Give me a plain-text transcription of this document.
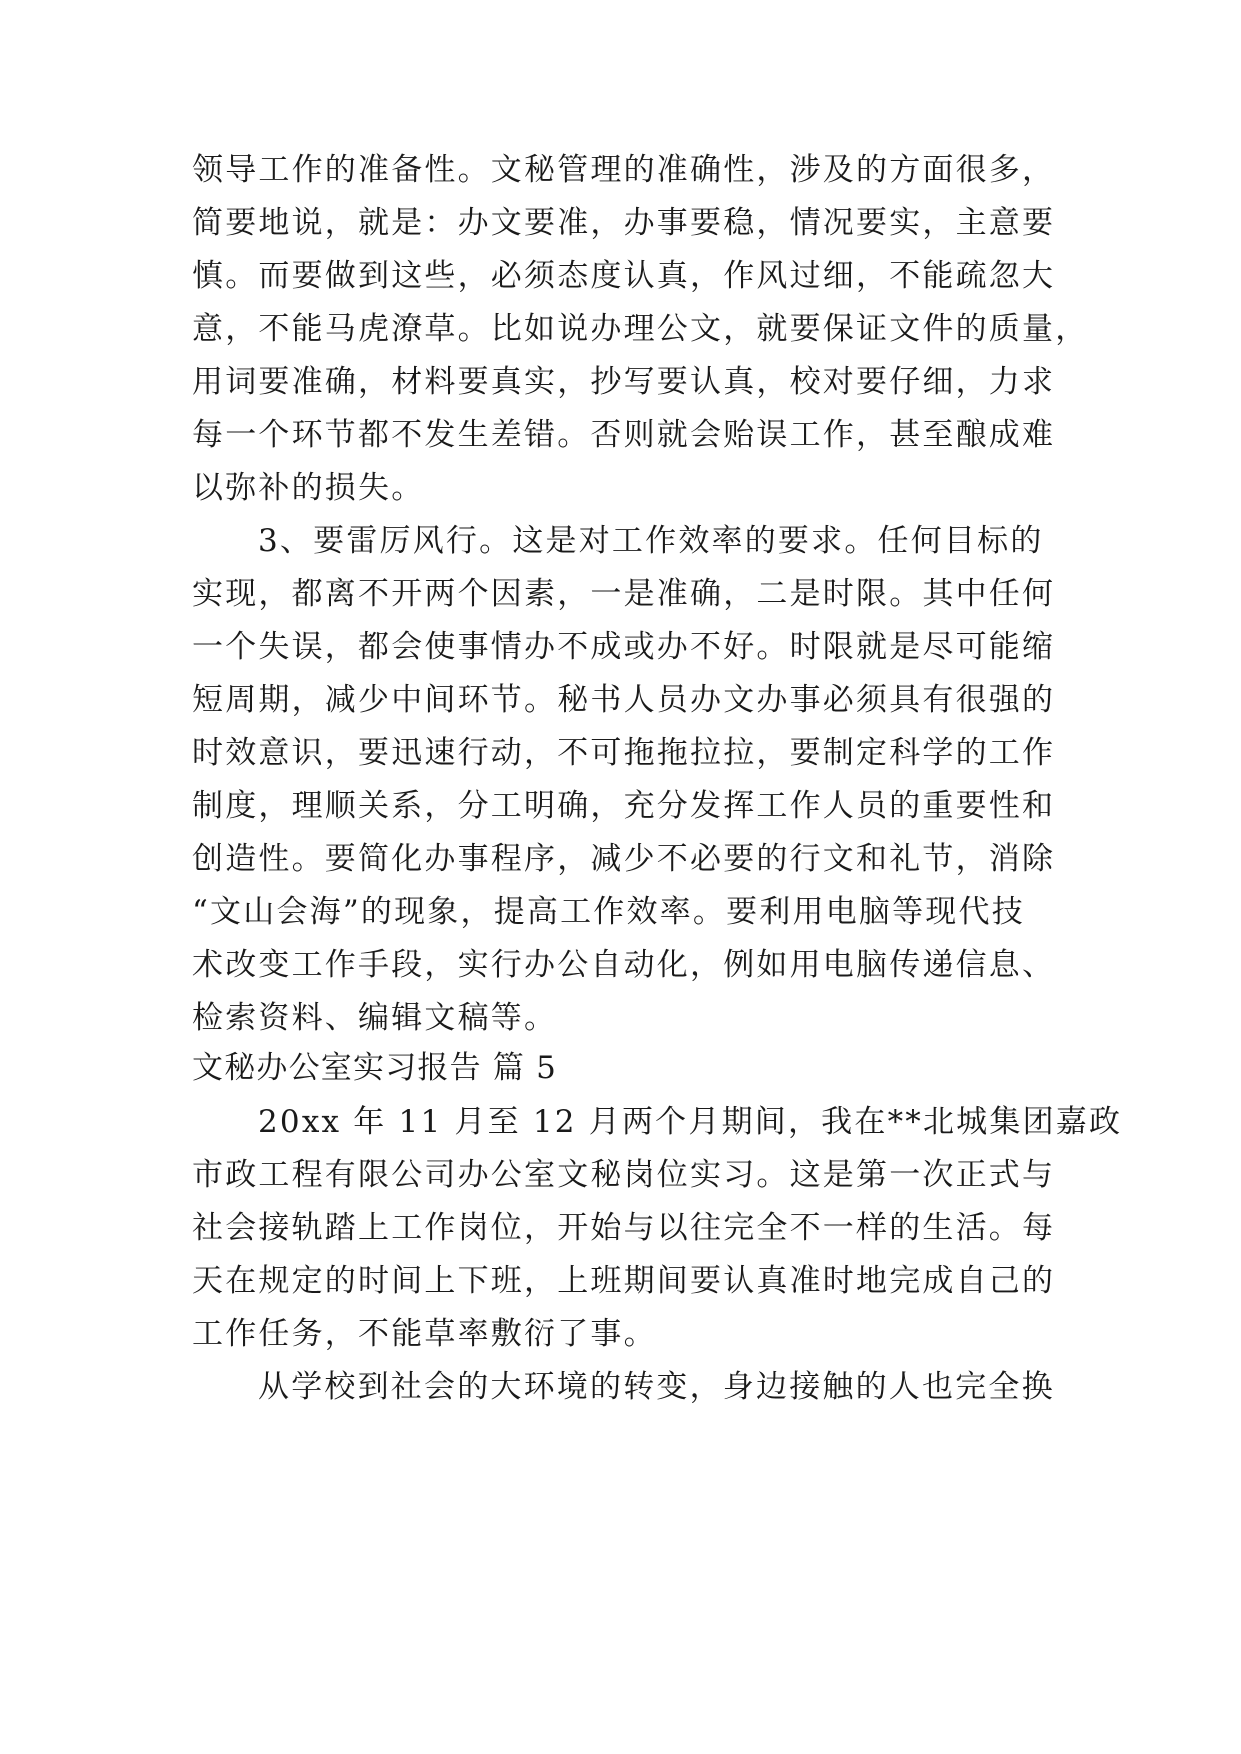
领导工作的准备性。文秘管理的准确性，涉及的方面很多，
简要地说，就是：办文要准，办事要稳，情况要实，主意要
慎。而要做到这些，必须态度认真，作风过细，不能疏忽大
意，不能马虎潦草。比如说办理公文，就要保证文件的质量，
用词要准确，材料要真实，抄写要认真，校对要仔细，力求
每一个环节都不发生差错。否则就会贻误工作，甚至酿成难
以弥补的损失。
3、要雷厉风行。这是对工作效率的要求。任何目标的
实现，都离不开两个因素，一是准确，二是时限。其中任何
一个失误，都会使事情办不成或办不好。时限就是尽可能缩
短周期，减少中间环节。秘书人员办文办事必须具有很强的
时效意识，要迅速行动，不可拖拖拉拉，要制定科学的工作
制度，理顺关系，分工明确，充分发挥工作人员的重要性和
创造性。要简化办事程序，减少不必要的行文和礼节，消除
“文山会海”的现象，提高工作效率。要利用电脑等现代技
术改变工作手段，实行办公自动化，例如用电脑传递信息、
检索资料、编辑文稿等。
文秘办公室实习报告 篇 5
20xx 年 11 月至 12 月两个月期间，我在**北城集团嘉政
市政工程有限公司办公室文秘岗位实习。这是第一次正式与
社会接轨踏上工作岗位，开始与以往完全不一样的生活。每
天在规定的时间上下班，上班期间要认真准时地完成自己的
工作任务，不能草率敷衍了事。
从学校到社会的大环境的转变，身边接触的人也完全换
